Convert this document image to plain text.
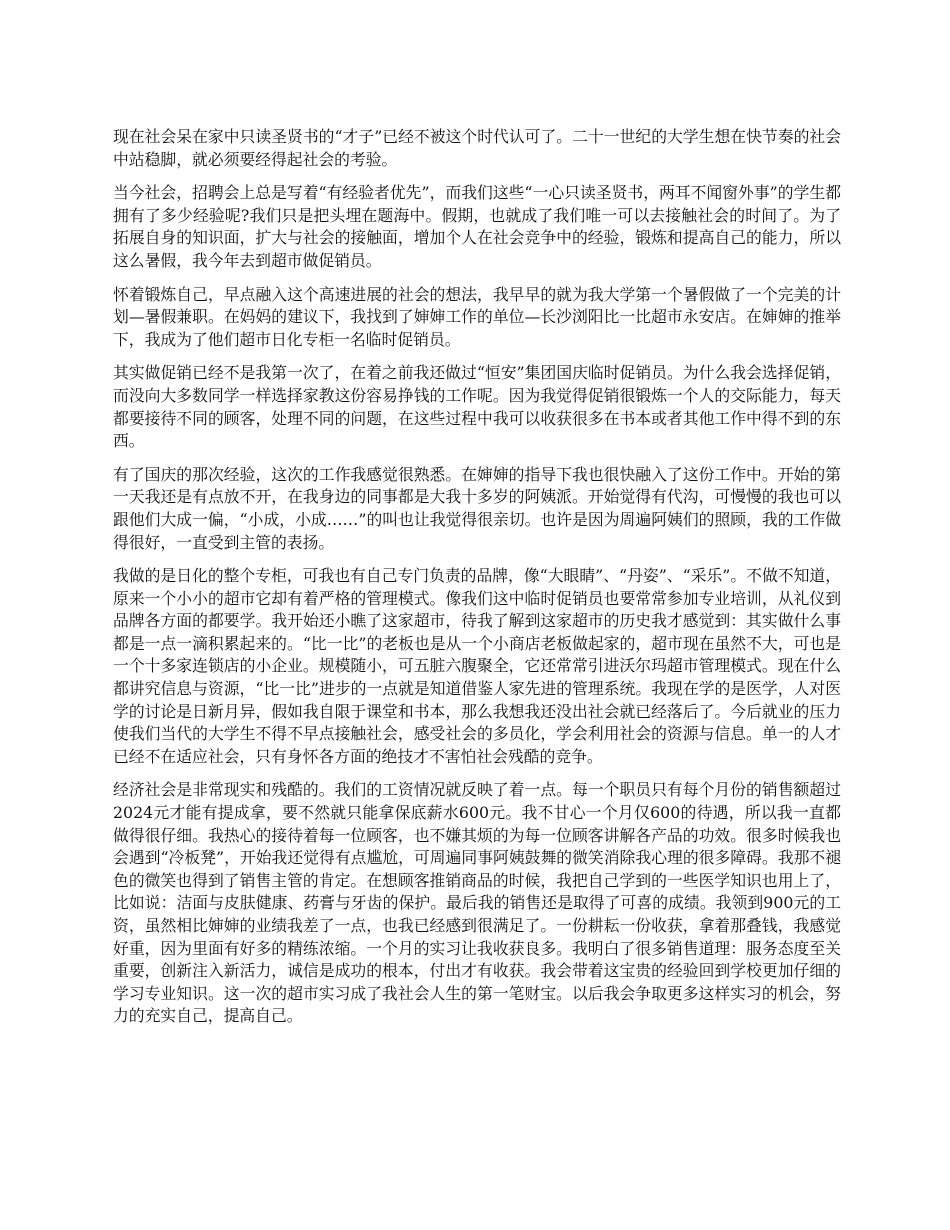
现在社会呆在家中只读圣贤书的“才子”已经不被这个时代认可了。二十一世纪的大学生想在快节奏的社会中站稳脚，就必须要经得起社会的考验。

当今社会，招聘会上总是写着“有经验者优先”，而我们这些“一心只读圣贤书，两耳不闻窗外事”的学生都拥有了多少经验呢?我们只是把头埋在题海中。假期，也就成了我们唯一可以去接触社会的时间了。为了拓展自身的知识面，扩大与社会的接触面，增加个人在社会竞争中的经验，锻炼和提高自己的能力，所以这么暑假，我今年去到超市做促销员。

怀着锻炼自己，早点融入这个高速进展的社会的想法，我早早的就为我大学第一个暑假做了一个完美的计划—暑假兼职。在妈妈的建议下，我找到了婶婶工作的单位—长沙浏阳比一比超市永安店。在婶婶的推举下，我成为了他们超市日化专柜一名临时促销员。

其实做促销已经不是我第一次了，在着之前我还做过“恒安”集团国庆临时促销员。为什么我会选择促销，而没向大多数同学一样选择家教这份容易挣钱的工作呢。因为我觉得促销很锻炼一个人的交际能力，每天都要接待不同的顾客，处理不同的问题，在这些过程中我可以收获很多在书本或者其他工作中得不到的东西。

有了国庆的那次经验，这次的工作我感觉很熟悉。在婶婶的指导下我也很快融入了这份工作中。开始的第一天我还是有点放不开，在我身边的同事都是大我十多岁的阿姨派。开始觉得有代沟，可慢慢的我也可以跟他们大成一偏，“小成，小成……”的叫也让我觉得很亲切。也许是因为周遍阿姨们的照顾，我的工作做得很好，一直受到主管的表扬。

我做的是日化的整个专柜，可我也有自己专门负责的品牌，像“大眼睛”、“丹姿”、“采乐”。不做不知道，原来一个小小的超市它却有着严格的管理模式。像我们这中临时促销员也要常常参加专业培训，从礼仪到品牌各方面的都要学。我开始还小瞧了这家超市，待我了解到这家超市的历史我才感觉到：其实做什么事都是一点一滴积累起来的。“比一比”的老板也是从一个小商店老板做起家的，超市现在虽然不大，可也是一个十多家连锁店的小企业。规模随小，可五脏六腹聚全，它还常常引进沃尔玛超市管理模式。现在什么都讲究信息与资源，“比一比”进步的一点就是知道借鉴人家先进的管理系统。我现在学的是医学，人对医学的讨论是日新月异，假如我自限于课堂和书本，那么我想我还没出社会就已经落后了。今后就业的压力使我们当代的大学生不得不早点接触社会，感受社会的多员化，学会利用社会的资源与信息。单一的人才已经不在适应社会，只有身怀各方面的绝技才不害怕社会残酷的竞争。

经济社会是非常现实和残酷的。我们的工资情况就反映了着一点。每一个职员只有每个月份的销售额超过2024元才能有提成拿，要不然就只能拿保底薪水600元。我不甘心一个月仅600的待遇，所以我一直都做得很仔细。我热心的接待着每一位顾客，也不嫌其烦的为每一位顾客讲解各产品的功效。很多时候我也会遇到“冷板凳”，开始我还觉得有点尴尬，可周遍同事阿姨鼓舞的微笑消除我心理的很多障碍。我那不褪色的微笑也得到了销售主管的肯定。在想顾客推销商品的时候，我把自己学到的一些医学知识也用上了，比如说：洁面与皮肤健康、药膏与牙齿的保护。最后我的销售还是取得了可喜的成绩。我领到900元的工资，虽然相比婶婶的业绩我差了一点，也我已经感到很满足了。一份耕耘一份收获，拿着那叠钱，我感觉好重，因为里面有好多的精练浓缩。一个月的实习让我收获良多。我明白了很多销售道理：服务态度至关重要，创新注入新活力，诚信是成功的根本，付出才有收获。我会带着这宝贵的经验回到学校更加仔细的学习专业知识。这一次的超市实习成了我社会人生的第一笔财宝。以后我会争取更多这样实习的机会，努力的充实自己，提高自己。
